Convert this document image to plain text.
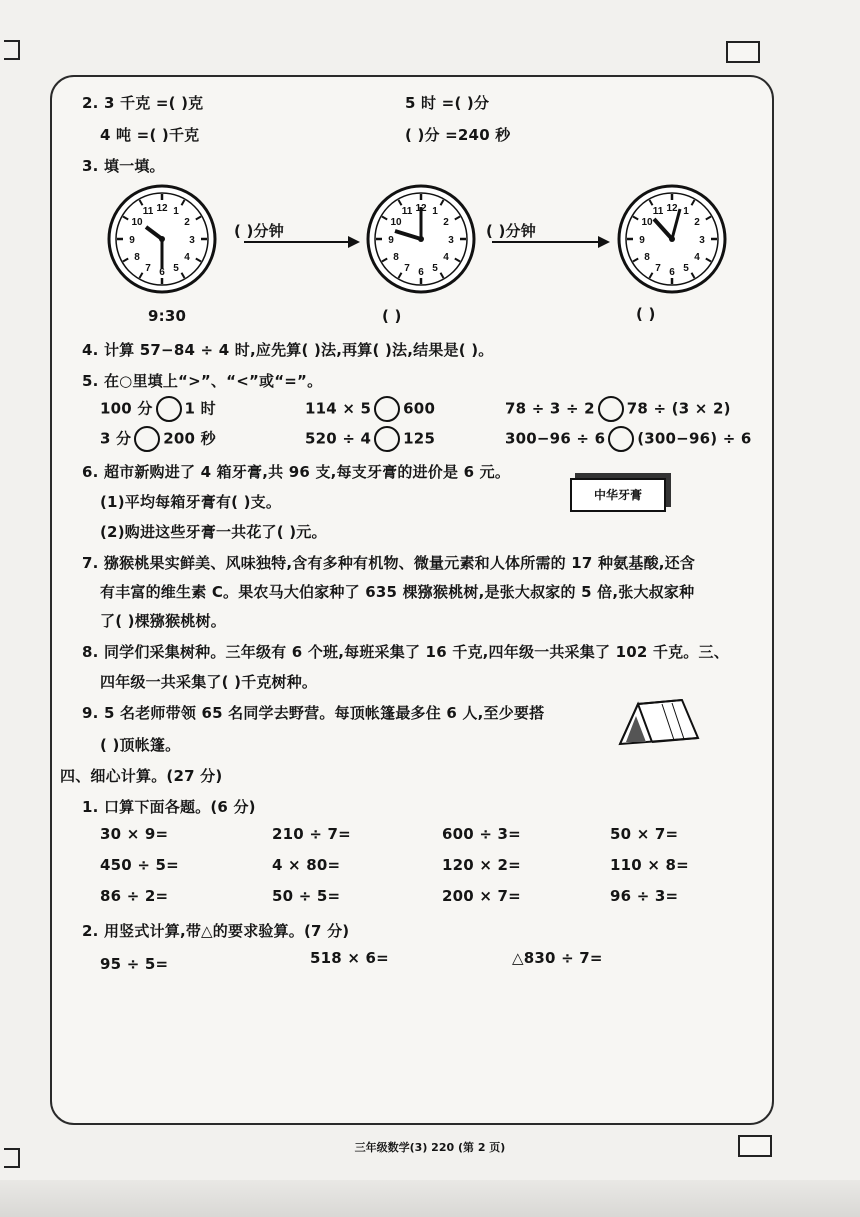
2. 3 千克 =( )克	5 时 =( )分
4 吨 =( )千克	( )分 =240 秒
3. 填一填。
12 1
2
3
4
5
6
7
8
9
10
11
( )分钟	( )分钟
9:30	( )	( )
4. 计算 57−84 ÷ 4 时,应先算( )法,再算( )法,结果是( )。
5. 在○里填上“>”、“<”或“=”。
100 分 1 时	114 × 5 600	78 ÷ 3 ÷ 2 78 ÷ (3 × 2)
3 分 200 秒	520 ÷ 4 125	300−96 ÷ 6 (300−96) ÷ 6
6. 超市新购进了 4 箱牙膏,共 96 支,每支牙膏的进价是 6 元。
(1)平均每箱牙膏有( )支。
(2)购进这些牙膏一共花了( )元。
中华牙膏
7. 猕猴桃果实鲜美、风味独特,含有多种有机物、微量元素和人体所需的 17 种氨基酸,还含
有丰富的维生素 C。果农马大伯家种了 635 棵猕猴桃树,是张大叔家的 5 倍,张大叔家种
了( )棵猕猴桃树。
8. 同学们采集树种。三年级有 6 个班,每班采集了 16 千克,四年级一共采集了 102 千克。三、
四年级一共采集了( )千克树种。
9. 5 名老师带领 65 名同学去野营。每顶帐篷最多住 6 人,至少要搭
( )顶帐篷。
四、细心计算。(27 分)
1. 口算下面各题。(6 分)
30 × 9=	210 ÷ 7=	600 ÷ 3=	50 × 7=
450 ÷ 5=	4 × 80=	120 × 2=	110 × 8=
86 ÷ 2=	50 ÷ 5=	200 × 7=	96 ÷ 3=
2. 用竖式计算,带△的要求验算。(7 分)
95 ÷ 5=	518 × 6=	△830 ÷ 7=
三年级数学(3) 220 (第 2 页)
